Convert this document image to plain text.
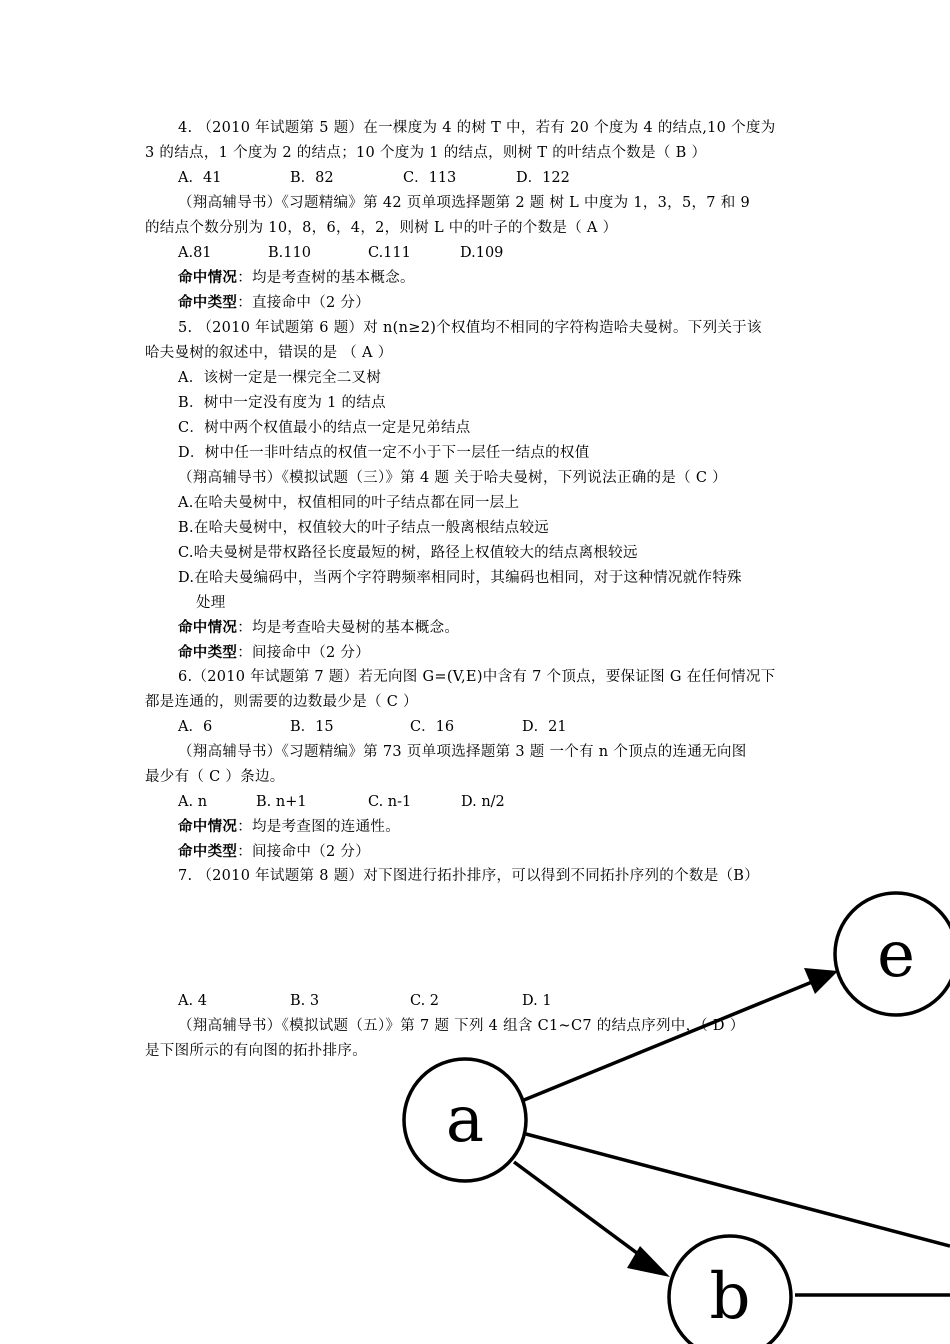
4. （2010 年试题第 5 题）在一棵度为 4 的树 T 中，若有 20 个度为 4 的结点,10 个度为
3 的结点，1 个度为 2 的结点；10 个度为 1 的结点，则树 T 的叶结点个数是（ B ）
A．41	B．82	C．113	D．122
（翔高辅导书）《习题精编》第 42 页单项选择题第 2 题 树 L 中度为 1，3，5，7 和 9
的结点个数分别为 10，8，6，4，2，则树 L 中的叶子的个数是（ A ）
A.81	B.110	C.111	D.109
命中情况：均是考查树的基本概念。
命中类型：直接命中（2 分）
5. （2010 年试题第 6 题）对 n(n≥2)个权值均不相同的字符构造哈夫曼树。下列关于该
哈夫曼树的叙述中，错误的是 （ A ）
A．该树一定是一棵完全二叉树
B．树中一定没有度为 1 的结点
C．树中两个权值最小的结点一定是兄弟结点
D．树中任一非叶结点的权值一定不小于下一层任一结点的权值
（翔高辅导书）《模拟试题（三）》第 4 题 关于哈夫曼树，下列说法正确的是（ C ）
A.在哈夫曼树中，权值相同的叶子结点都在同一层上
B.在哈夫曼树中，权值较大的叶子结点一般离根结点较远
C.哈夫曼树是带权路径长度最短的树，路径上权值较大的结点离根较远
D.在哈夫曼编码中，当两个字符聘频率相同时，其编码也相同，对于这种情况就作特殊
处理
命中情况：均是考查哈夫曼树的基本概念。
命中类型：间接命中（2 分）
6.（2010 年试题第 7 题）若无向图 G=(V,E)中含有 7 个顶点，要保证图 G 在任何情况下
都是连通的，则需要的边数最少是（ C ）
A．6	B．15	C．16	D．21
（翔高辅导书）《习题精编》第 73 页单项选择题第 3 题 一个有 n 个顶点的连通无向图
最少有（ C ）条边。
A. n	B. n+1	C. n-1	D. n/2
命中情况：均是考查图的连通性。
命中类型：间接命中（2 分）
7. （2010 年试题第 8 题）对下图进行拓扑排序，可以得到不同拓扑序列的个数是（B）
A. 4	B. 3	C. 2	D. 1
e
a
b
（翔高辅导书）《模拟试题（五）》第 7 题 下列 4 组含 C1~C7 的结点序列中，（ D ）
是下图所示的有向图的拓扑排序。
